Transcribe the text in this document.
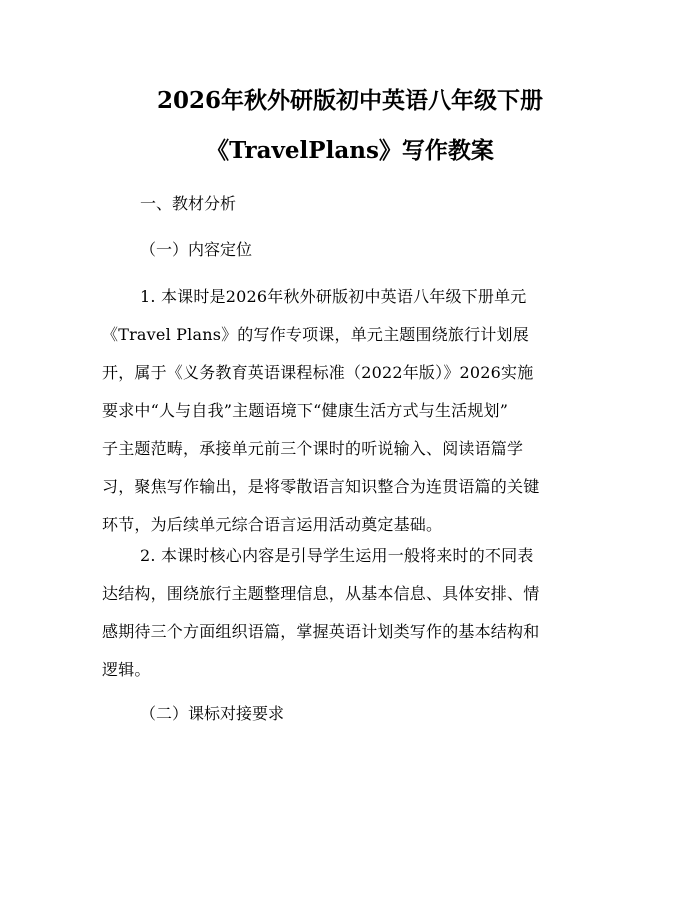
2026年秋外研版初中英语八年级下册
《TravelPlans》写作教案
一、教材分析
（一）内容定位
1. 本课时是2026年秋外研版初中英语八年级下册单元
《Travel Plans》的写作专项课，单元主题围绕旅行计划展
开，属于《义务教育英语课程标准（2022年版）》2026实施
要求中“人与自我”主题语境下“健康生活方式与生活规划”
子主题范畴，承接单元前三个课时的听说输入、阅读语篇学
习，聚焦写作输出，是将零散语言知识整合为连贯语篇的关键
环节，为后续单元综合语言运用活动奠定基础。
2. 本课时核心内容是引导学生运用一般将来时的不同表
达结构，围绕旅行主题整理信息，从基本信息、具体安排、情
感期待三个方面组织语篇，掌握英语计划类写作的基本结构和
逻辑。
（二）课标对接要求
